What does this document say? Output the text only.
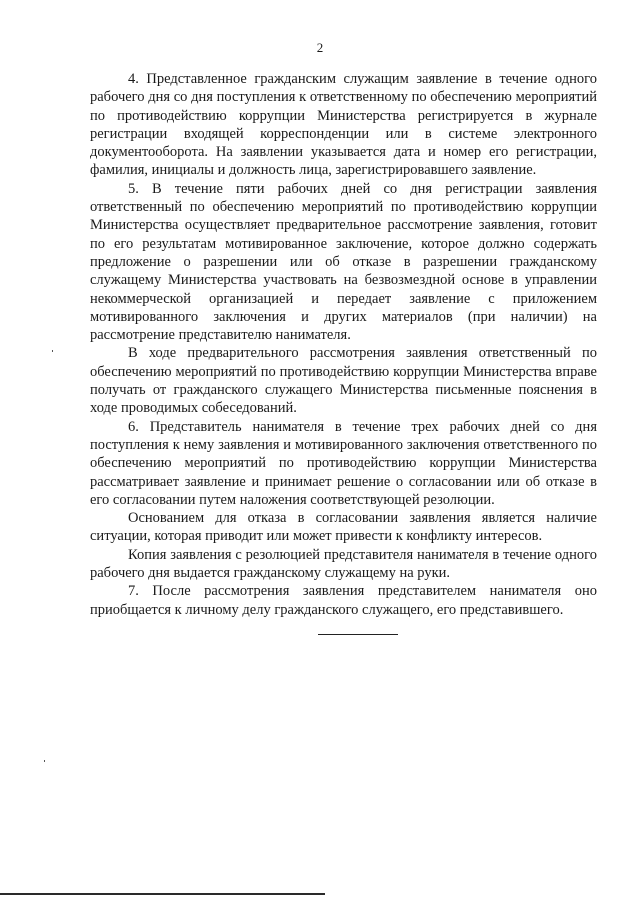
2

4. Представленное гражданским служащим заявление в течение одного рабочего дня со дня поступления к ответственному по обеспечению мероприятий по противодействию коррупции Министерства регистрируется в журнале регистрации входящей корреспонденции или в системе электронного документооборота. На заявлении указывается дата и номер его регистрации, фамилия, инициалы и должность лица, зарегистрировавшего заявление.

5. В течение пяти рабочих дней со дня регистрации заявления ответственный по обеспечению мероприятий по противодействию коррупции Министерства осуществляет предварительное рассмотрение заявления, готовит по его результатам мотивированное заключение, которое должно содержать предложение о разрешении или об отказе в разрешении гражданскому служащему Министерства участвовать на безвозмездной основе в управлении некоммерческой организацией и передает заявление с приложением мотивированного заключения и других материалов (при наличии) на рассмотрение представителю нанимателя.

В ходе предварительного рассмотрения заявления ответственный по обеспечению мероприятий по противодействию коррупции Министерства вправе получать от гражданского служащего Министерства письменные пояснения в ходе проводимых собеседований.

6. Представитель нанимателя в течение трех рабочих дней со дня поступления к нему заявления и мотивированного заключения ответственного по обеспечению мероприятий по противодействию коррупции Министерства рассматривает заявление и принимает решение о согласовании или об отказе в его согласовании путем наложения соответствующей резолюции.

Основанием для отказа в согласовании заявления является наличие ситуации, которая приводит или может привести к конфликту интересов.

Копия заявления с резолюцией представителя нанимателя в течение одного рабочего дня выдается гражданскому служащему на руки.

7. После рассмотрения заявления представителем нанимателя оно приобщается к личному делу гражданского служащего, его представившего.
